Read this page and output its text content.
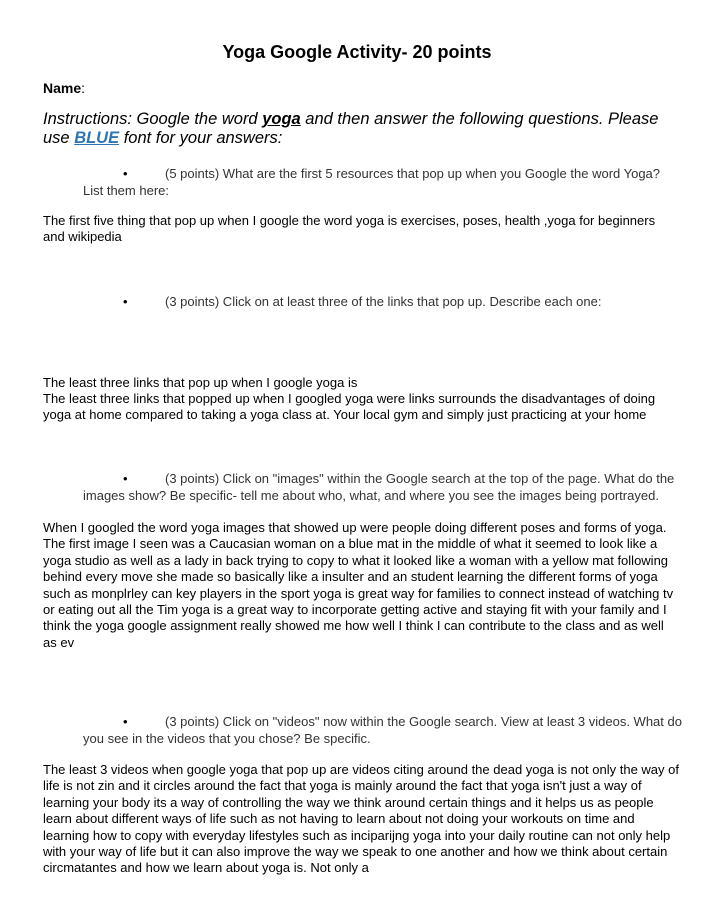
Yoga Google Activity- 20 points
Name:
Instructions: Google the word yoga and then answer the following questions. Please use BLUE font for your answers:
•	(5 points) What are the first 5 resources that pop up when you Google the word Yoga? List them here:
The first five thing that pop up when I google the word yoga is exercises, poses, health ,yoga for beginners and wikipedia
•	(3 points) Click on at least three of the links that pop up. Describe each one:
The least three links that pop up when I google yoga is
The least three links that popped up when I googled yoga were links surrounds the disadvantages of doing yoga at home compared to taking a yoga class at. Your local gym and simply just practicing at your home
•	(3 points) Click on "images" within the Google search at the top of the page. What do the images show? Be specific- tell me about who, what, and where you see the images being portrayed.
When I googled the word yoga images that showed up were people doing different poses and forms of yoga. The first image I seen was a Caucasian woman on a blue mat in the middle of what it seemed to look like a yoga studio as well as a lady in back trying to copy to what it looked like a woman with a yellow mat following behind every move she made so basically like a insulter and an student learning the different forms of yoga such as monplrley can key players in the sport yoga is great way for families to connect instead of watching tv or eating out all the Tim yoga is a great way to incorporate getting active and staying fit with your family and I think the yoga google assignment really showed me how well I think I can contribute to the class and as well as ev
•	(3 points) Click on "videos" now within the Google search. View at least 3 videos. What do you see in the videos that you chose? Be specific.
The least 3 videos when google yoga that pop up are videos citing around the dead yoga is not only the way of life is not zin and it circles around the fact that yoga is mainly around the fact that yoga isn't just a way of learning your body its a way of controlling the way we think around certain things and it helps us as people learn about different ways of life such as not having to learn about not doing your workouts on time and learning how to copy with everyday lifestyles such as inciparijng yoga into your daily routine can not only help with your way of life but it can also improve the way we speak to one another and how we think about certain circmatantes and how we learn about yoga is. Not only a
